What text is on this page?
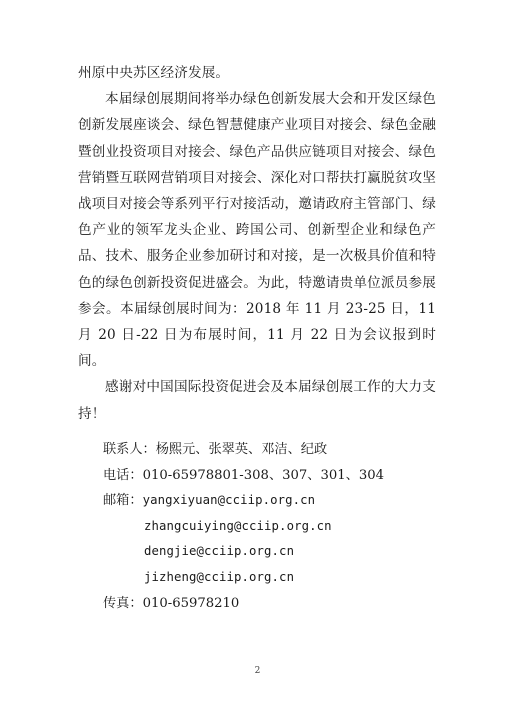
州原中央苏区经济发展。

本届绿创展期间将举办绿色创新发展大会和开发区绿色创新发展座谈会、绿色智慧健康产业项目对接会、绿色金融暨创业投资项目对接会、绿色产品供应链项目对接会、绿色营销暨互联网营销项目对接会、深化对口帮扶打赢脱贫攻坚战项目对接会等系列平行对接活动，邀请政府主管部门、绿色产业的领军龙头企业、跨国公司、创新型企业和绿色产品、技术、服务企业参加研讨和对接，是一次极具价值和特色的绿色创新投资促进盛会。为此，特邀请贵单位派员参展参会。本届绿创展时间为：2018 年 11 月 23-25 日，11 月 20 日-22 日为布展时间，11 月 22 日为会议报到时间。

感谢对中国国际投资促进会及本届绿创展工作的大力支持！

联系人： 杨熙元、张翠英、邓洁、纪政
电话： 010-65978801-308、307、301、304
邮箱： yangxiyuan@cciip.org.cn
zhangcuiying@cciip.org.cn
dengjie@cciip.org.cn
jizheng@cciip.org.cn
传真： 010-65978210
2
